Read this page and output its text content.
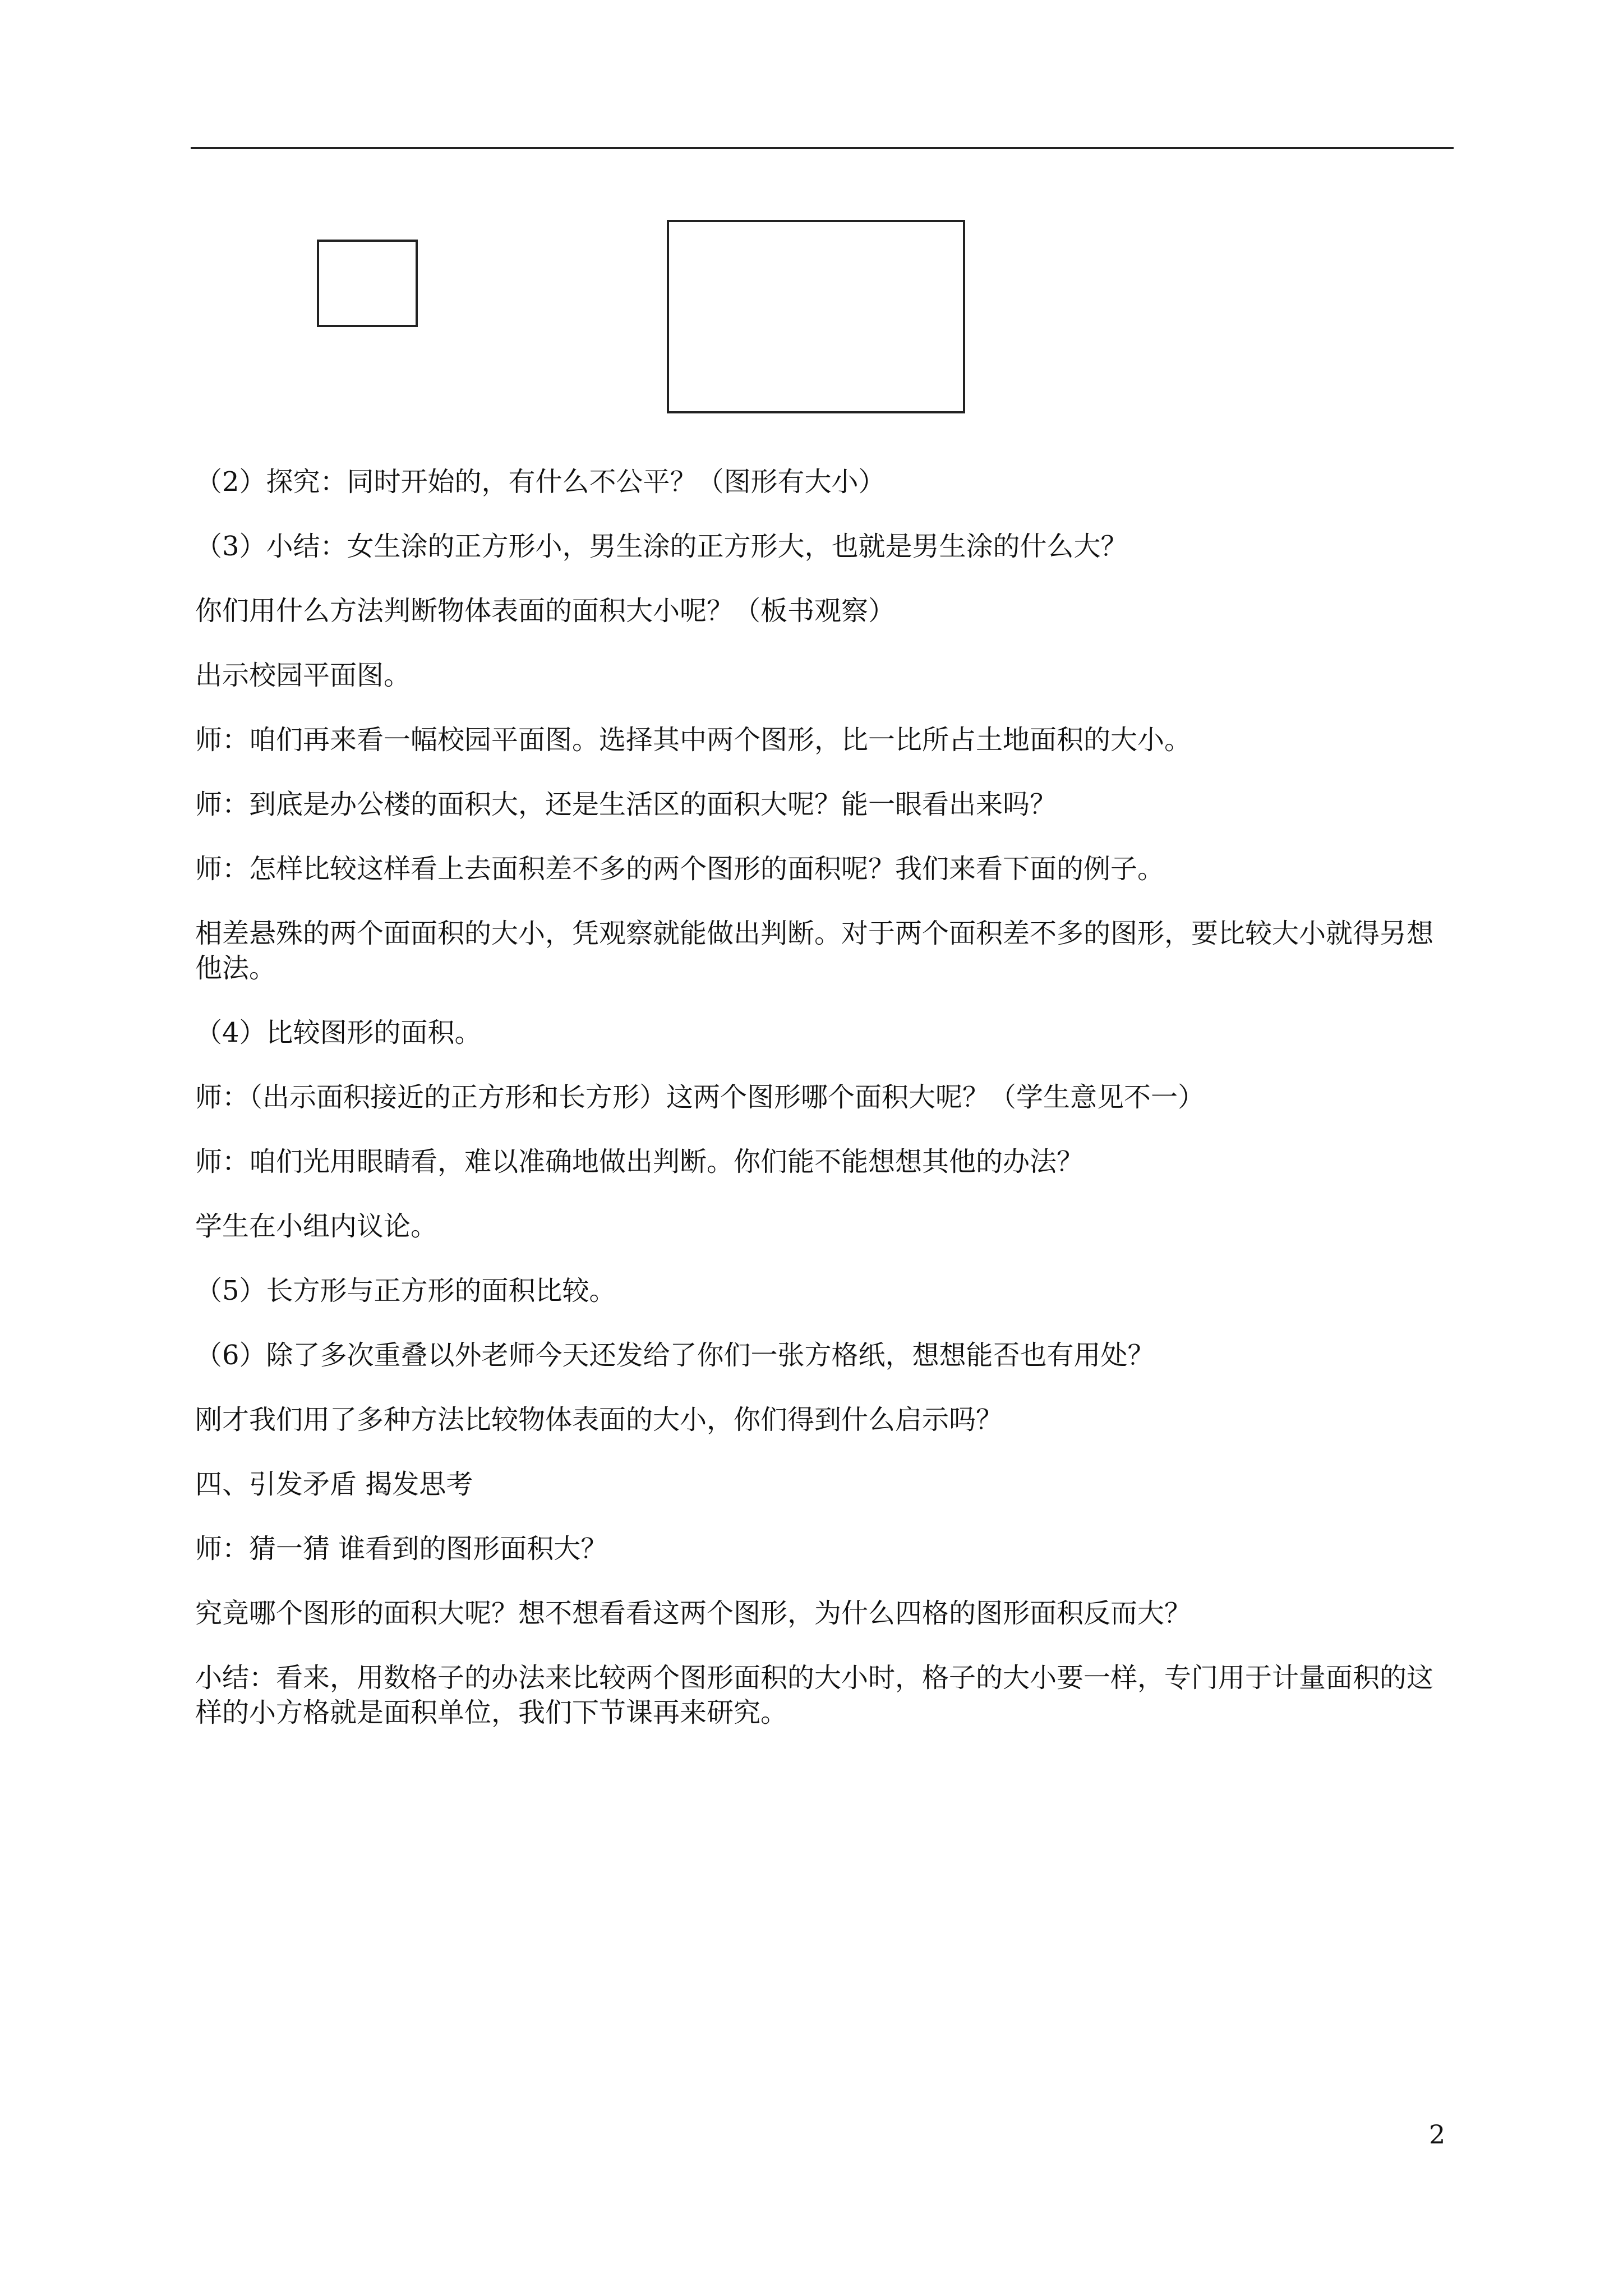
（2）探究：同时开始的，有什么不公平？（图形有大小）

（3）小结：女生涂的正方形小，男生涂的正方形大，也就是男生涂的什么大？

你们用什么方法判断物体表面的面积大小呢？（板书观察）

出示校园平面图。

师：咱们再来看一幅校园平面图。选择其中两个图形，比一比所占土地面积的大小。

师：到底是办公楼的面积大，还是生活区的面积大呢？能一眼看出来吗？

师：怎样比较这样看上去面积差不多的两个图形的面积呢？我们来看下面的例子。

相差悬殊的两个面面积的大小，凭观察就能做出判断。对于两个面积差不多的图形，要比较大小就得另想他法。

（4）比较图形的面积。

师：（出示面积接近的正方形和长方形）这两个图形哪个面积大呢？（学生意见不一）

师：咱们光用眼睛看，难以准确地做出判断。你们能不能想想其他的办法？

学生在小组内议论。

（5）长方形与正方形的面积比较。

（6）除了多次重叠以外老师今天还发给了你们一张方格纸，想想能否也有用处？

刚才我们用了多种方法比较物体表面的大小，你们得到什么启示吗？

四、引发矛盾 揭发思考

师：猜一猜 谁看到的图形面积大？

究竟哪个图形的面积大呢？想不想看看这两个图形，为什么四格的图形面积反而大？

小结：看来，用数格子的办法来比较两个图形面积的大小时，格子的大小要一样，专门用于计量面积的这样的小方格就是面积单位，我们下节课再来研究。

2
